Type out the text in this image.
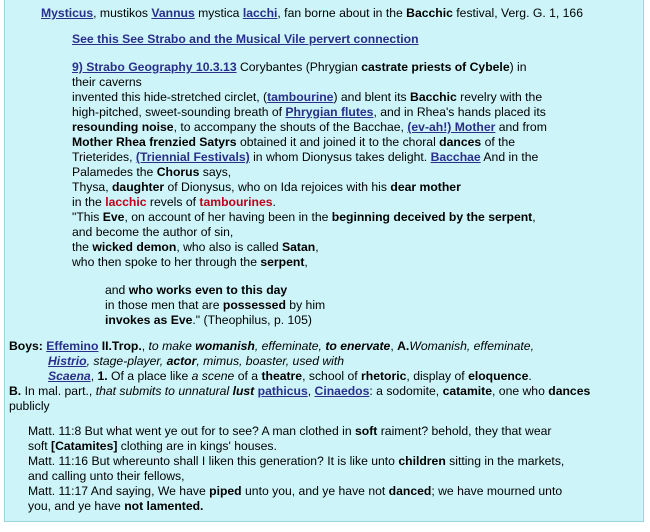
Mysticus, mustikos Vannus mystica lacchi, fan borne about in the Bacchic festival, Verg. G. 1, 166
See this See Strabo and the Musical Vile pervert connection
9) Strabo Geography 10.3.13 Corybantes (Phrygian castrate priests of Cybele) in
their caverns
invented this hide-stretched circlet, (tambourine) and blent its Bacchic revelry with the
high-pitched, sweet-sounding breath of Phrygian flutes, and in Rhea's hands placed its
resounding noise, to accompany the shouts of the Bacchae, (ev-ah!) Mother and from
Mother Rhea frenzied Satyrs obtained it and joined it to the choral dances of the
Trieterides, (Triennial Festivals) in whom Dionysus takes delight. Bacchae And in the
Palamedes the Chorus says,
Thysa, daughter of Dionysus, who on Ida rejoices with his dear mother
in the lacchic revels of tambourines.
"This Eve, on account of her having been in the beginning deceived by the serpent,
and become the author of sin,
the wicked demon, who also is called Satan,
who then spoke to her through the serpent,
and who works even to this day
in those men that are possessed by him
invokes as Eve." (Theophilus, p. 105)
Boys: Effemino II.Trop., to make womanish, effeminate, to enervate, A.Womanish, effeminate,
Histrio, stage-player, actor, mimus, boaster, used with
Scaena, 1. Of a place like a scene of a theatre, school of rhetoric, display of eloquence.
B. In mal. part., that submits to unnatural lust pathicus, Cinaedos: a sodomite, catamite, one who dances
publicly
Matt. 11:8 But what went ye out for to see? A man clothed in soft raiment? behold, they that wear
soft [Catamites] clothing are in kings' houses.
Matt. 11:16 But whereunto shall I liken this generation? It is like unto children sitting in the markets,
and calling unto their fellows,
Matt. 11:17 And saying, We have piped unto you, and ye have not danced; we have mourned unto
you, and ye have not lamented.
